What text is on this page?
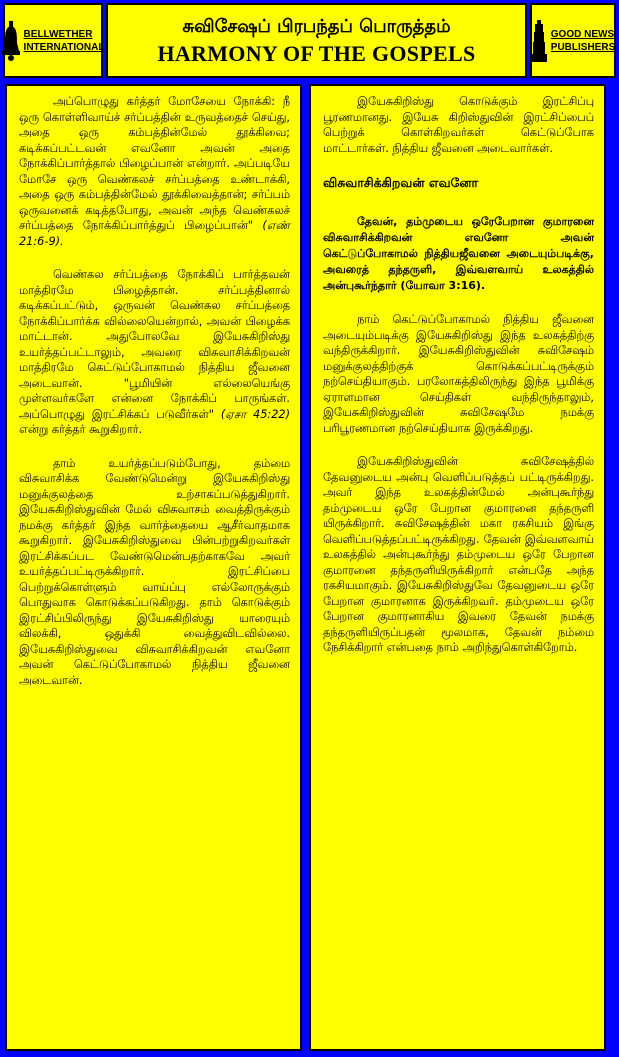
BELLWETHER
INTERNATIONAL
சுவிசேஷப் பிரபந்தப் பொருத்தம்
HARMONY OF THE GOSPELS
GOOD NEWS
PUBLISHERS

அப்பொழுது கர்த்தர் மோசேயை நோக்கி: நீ ஒரு கொள்ளிவாய்ச் சர்ப்பத்தின் உருவத்தைச் செய்து, அதை ஒரு கம்பத்தின்மேல் தூக்கிவை; கடிக்கப்பட்டவன் எவனோ அவன் அதை நோக்கிப்பார்த்தால் பிழைப்பான் என்றார். அப்படியே மோசே ஒரு வெண்கலச் சர்ப்பத்தை உண்டாக்கி, அதை ஒரு கம்பத்தின்மேல் தூக்கிவைத்தான்; சர்ப்பம் ஒருவனைக் கடித்தபோது, அவன் அந்த வெண்கலச் சர்ப்பத்தை நோக்கிப்பார்த்துப் பிழைப்பான்" (எண் 21:6-9).

வெண்கல சர்ப்பத்தை நோக்கிப் பார்த்தவன் மாத்திரமே பிழைத்தான். சர்ப்பத்தினால் கடிக்கப்பட்டும், ஒருவன் வெண்கல சர்ப்பத்தை நோக்கிப்பார்க்க வில்லையென்றால், அவன் பிழைக்க மாட்டான். அதுபோலவே இயேசுகிறிஸ்து உயர்த்தப்பட்டாலும், அவரை விசுவாசிக்கிறவன் மாத்திரமே கெட்டுப்போகாமல் நித்திய ஜீவனை அடைவான். "பூமியின் எல்லையெங்கு முள்ளவர்களே என்னை நோக்கிப் பாருங்கள். அப்பொழுது இரட்சிக்கப் படுவீர்கள்" (ஏசா 45:22) என்று கர்த்தர் கூறுகிறார்.

தாம் உயர்த்தப்படும்போது, தம்மை விசுவாசிக்க வேண்டுமென்று இயேசுகிறிஸ்து மனுக்குலத்தை உற்சாகப்படுத்துகிறார். இயேசுகிறிஸ்துவின் மேல் விசுவாசம் வைத்திருக்கும் நமக்கு கர்த்தர் இந்த வார்த்தையை ஆசீர்வாதமாக கூறுகிறார். இயேசுகிறிஸ்துவை பின்பற்றுகிறவர்கள் இரட்சிக்கப்பட வேண்டுமென்பதற்காகவே அவர் உயர்த்தப்பட்டிருக்கிறார். இரட்சிப்பை பெற்றுக்கொள்ளும் வாய்ப்பு எல்லோருக்கும் பொதுவாக கொடுக்கப்படுகிறது. தாம் கொடுக்கும் இரட்சிப்பிலிருந்து இயேசுகிறிஸ்து யாரையும் விலக்கி, ஒதுக்கி வைத்துவிடவில்லை. இயேசுகிறிஸ்துவை விசுவாசிக்கிறவன் எவனோ அவன் கெட்டுப்போகாமல் நித்திய ஜீவனை அடைவான்.

இயேசுகிறிஸ்து கொடுக்கும் இரட்சிப்பு பூரணமானது. இயேசு கிறிஸ்துவின் இரட்சிப்பைப் பெற்றுக் கொள்கிறவர்கள் கெட்டுப்போக மாட்டார்கள். நித்திய ஜீவனை அடைவார்கள்.

விசுவாசிக்கிறவன் எவனோ

தேவன், தம்முடைய ஒரேபேறான குமாரனை விசுவாசிக்கிறவன் எவனோ அவன் கெட்டுப்போகாமல் நித்தியஜீவனை அடையும்படிக்கு, அவரைத் தந்தருளி, இவ்வளவாய் உலகத்தில் அன்புகூர்ந்தார் (யோவா 3:16).

நாம் கெட்டுப்போகாமல் நித்திய ஜீவனை அடையும்படிக்கு இயேசுகிறிஸ்து இந்த உலகத்திற்கு வந்திருக்கிறார். இயேசுகிறிஸ்துவின் சுவிசேஷம் மனுக்குலத்திற்குக் கொடுக்கப்பட்டிருக்கும் நற்செய்தியாகும். பரலோகத்திலிருந்து இந்த பூமிக்கு ஏராளமான செய்திகள் வந்திருந்தாலும், இயேசுகிறிஸ்துவின் சுவிசேஷமே நமக்கு பரிபூரணமான நற்செய்தியாக இருக்கிறது.

இயேசுகிறிஸ்துவின் சுவிசேஷத்தில் தேவனுடைய அன்பு வெளிப்படுத்தப் பட்டிருக்கிறது. அவர் இந்த உலகத்தின்மேல் அன்புகூர்ந்து தம்முடைய ஒரே பேறான குமாரனை தந்தருளி யிருக்கிறார். சுவிசேஷத்தின் மகா ரகசியம் இங்கு வெளிப்படுத்தப்பட்டிருக்கிறது. தேவன் இவ்வளவாய் உலகத்தில் அன்புகூர்ந்து தம்முடைய ஒரே பேறான குமாரனை தந்தருளியிருக்கிறார் என்பதே அந்த ரகசியமாகும். இயேசுகிறிஸ்துவே தேவனுடைய ஒரே பேறான குமாரனாக இருக்கிறவர். தம்முடைய ஒரே பேறான குமாரனாகிய இவரை தேவன் நமக்கு தந்தருளியிருப்பதன் மூலமாக, தேவன் நம்மை நேசிக்கிறார் என்பதை நாம் அறிந்துகொள்கிறோம்.
